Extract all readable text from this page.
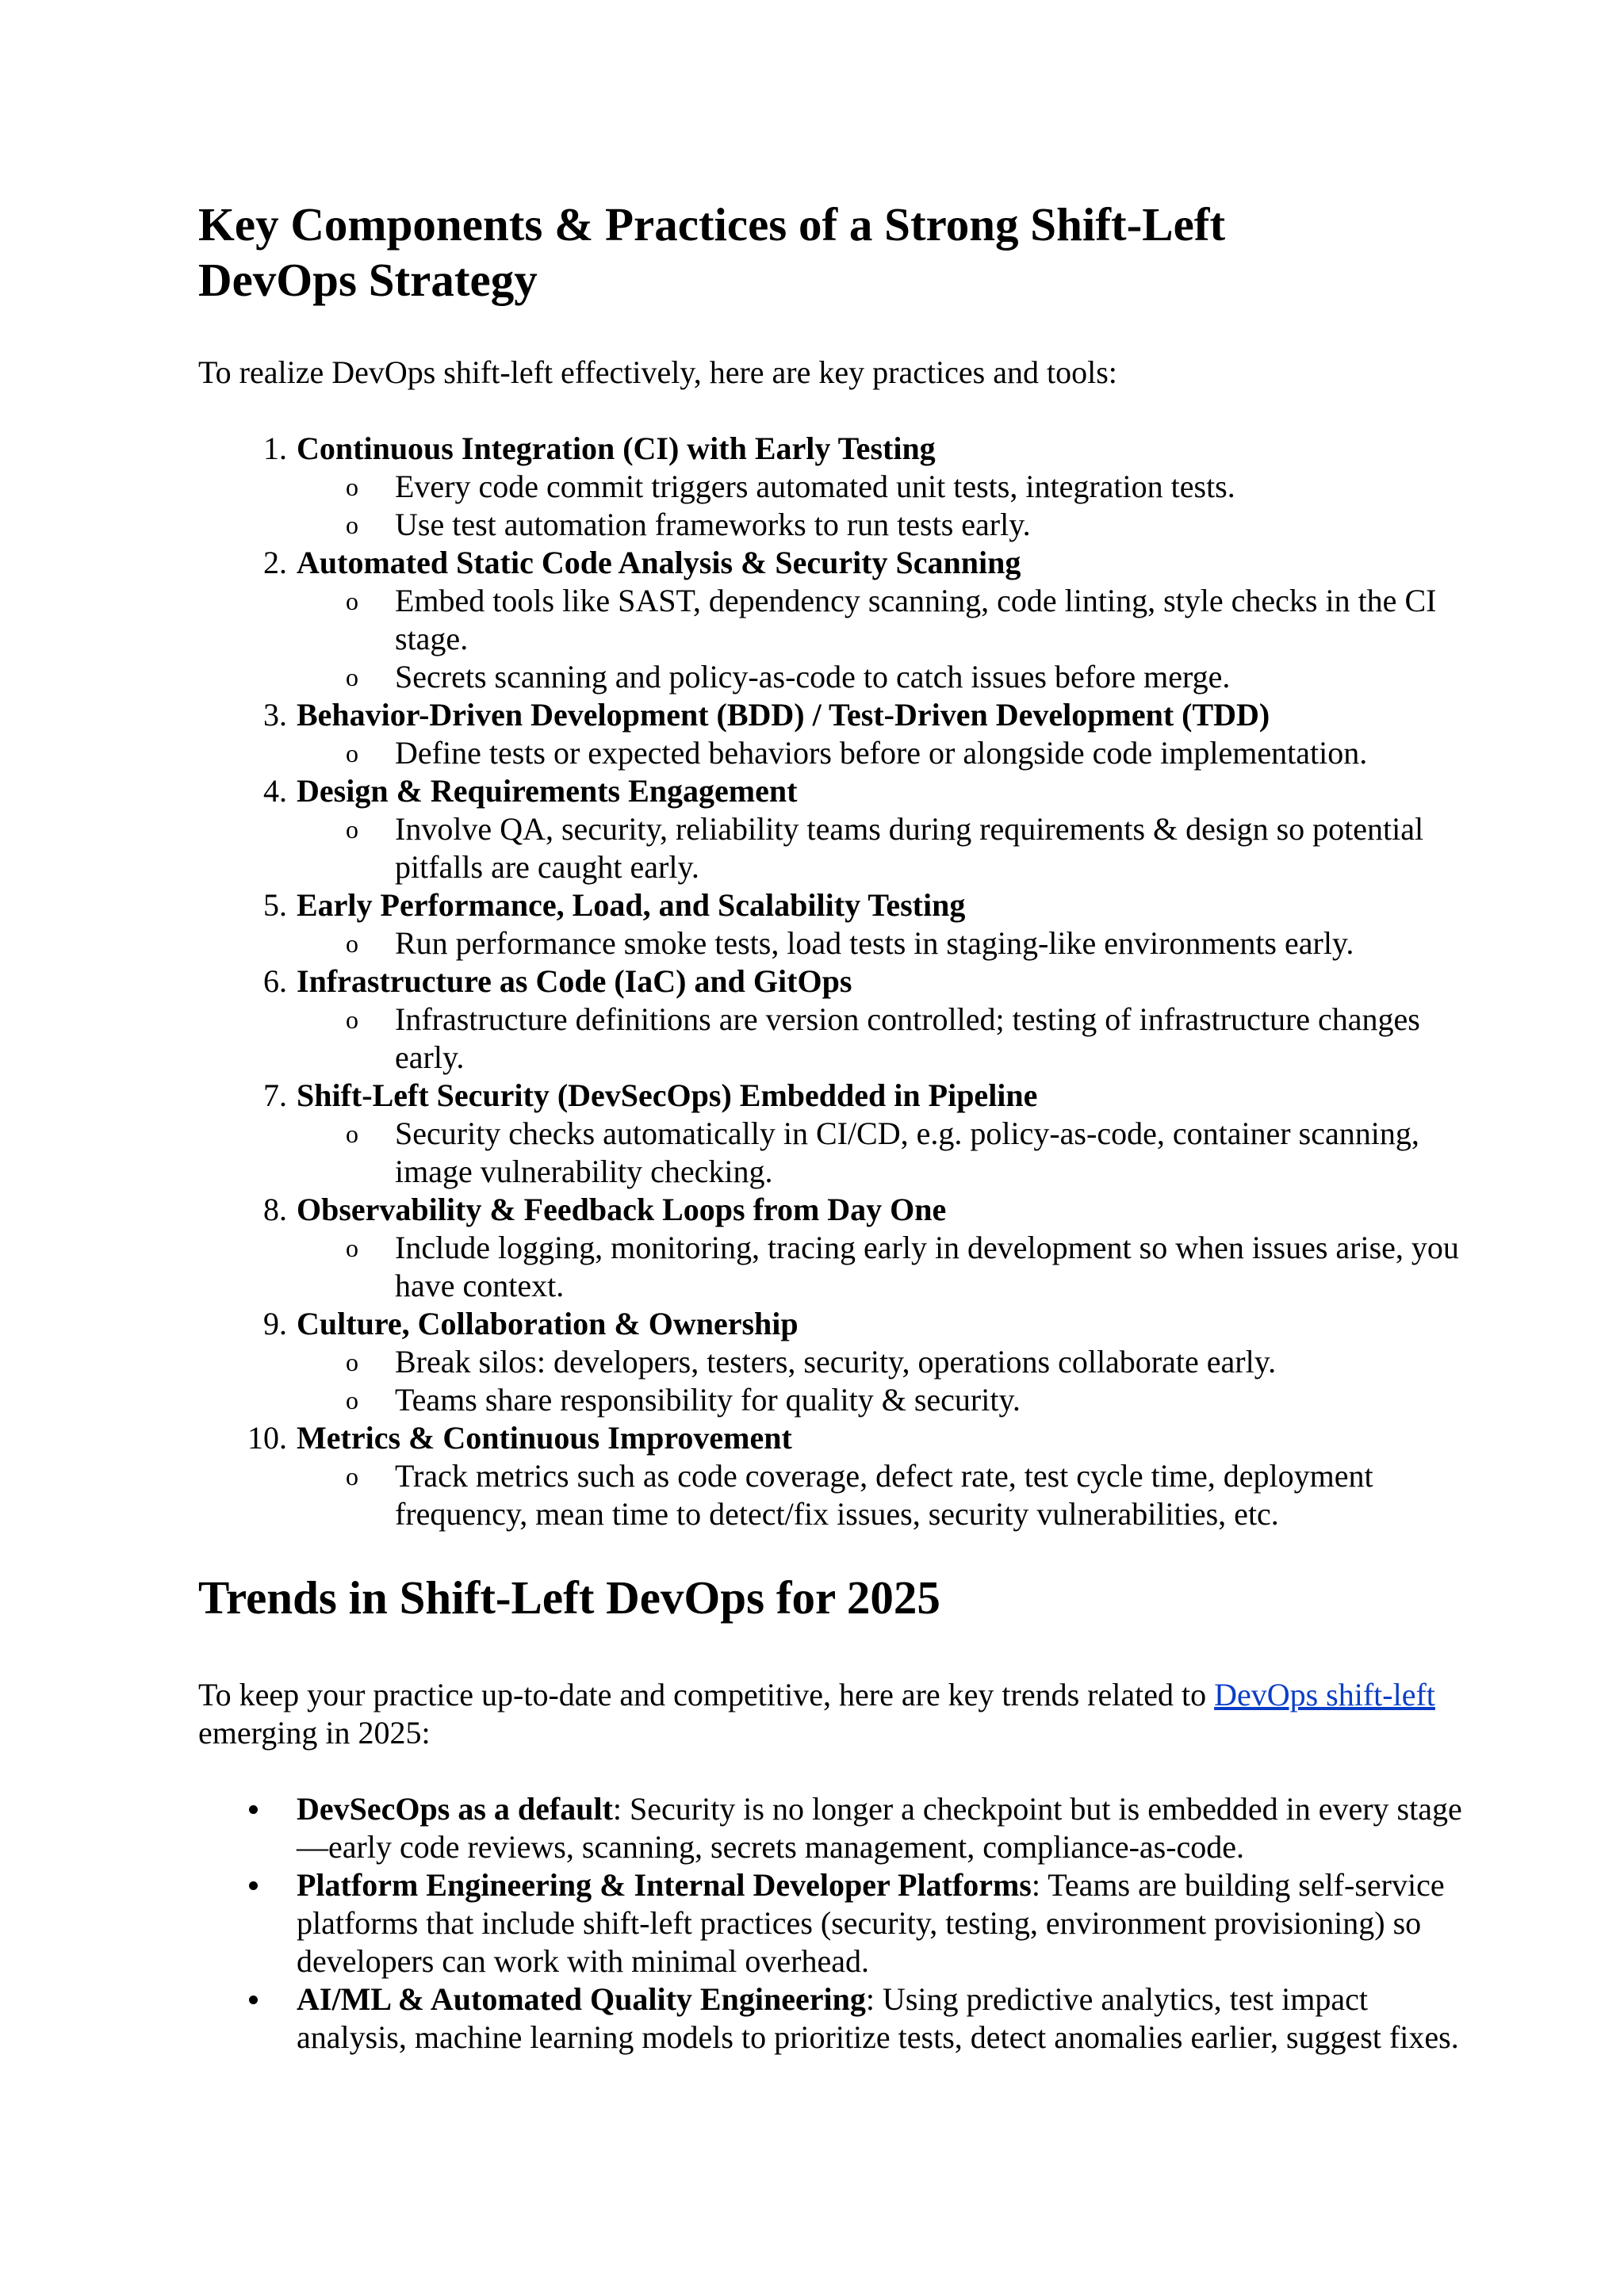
Key Components & Practices of a Strong Shift-Left
DevOps Strategy

To realize DevOps shift-left effectively, here are key practices and tools:

1. Continuous Integration (CI) with Early Testing
o Every code commit triggers automated unit tests, integration tests.
o Use test automation frameworks to run tests early.
2. Automated Static Code Analysis & Security Scanning
o Embed tools like SAST, dependency scanning, code linting, style checks in the CI stage.
o Secrets scanning and policy-as-code to catch issues before merge.
3. Behavior-Driven Development (BDD) / Test-Driven Development (TDD)
o Define tests or expected behaviors before or alongside code implementation.
4. Design & Requirements Engagement
o Involve QA, security, reliability teams during requirements & design so potential pitfalls are caught early.
5. Early Performance, Load, and Scalability Testing
o Run performance smoke tests, load tests in staging-like environments early.
6. Infrastructure as Code (IaC) and GitOps
o Infrastructure definitions are version controlled; testing of infrastructure changes early.
7. Shift-Left Security (DevSecOps) Embedded in Pipeline
o Security checks automatically in CI/CD, e.g. policy-as-code, container scanning, image vulnerability checking.
8. Observability & Feedback Loops from Day One
o Include logging, monitoring, tracing early in development so when issues arise, you have context.
9. Culture, Collaboration & Ownership
o Break silos: developers, testers, security, operations collaborate early.
o Teams share responsibility for quality & security.
10. Metrics & Continuous Improvement
o Track metrics such as code coverage, defect rate, test cycle time, deployment frequency, mean time to detect/fix issues, security vulnerabilities, etc.
Trends in Shift-Left DevOps for 2025

To keep your practice up-to-date and competitive, here are key trends related to DevOps shift-left emerging in 2025:

DevSecOps as a default: Security is no longer a checkpoint but is embedded in every stage—early code reviews, scanning, secrets management, compliance-as-code.
Platform Engineering & Internal Developer Platforms: Teams are building self-service platforms that include shift-left practices (security, testing, environment provisioning) so developers can work with minimal overhead.
AI/ML & Automated Quality Engineering: Using predictive analytics, test impact analysis, machine learning models to prioritize tests, detect anomalies earlier, suggest fixes.
